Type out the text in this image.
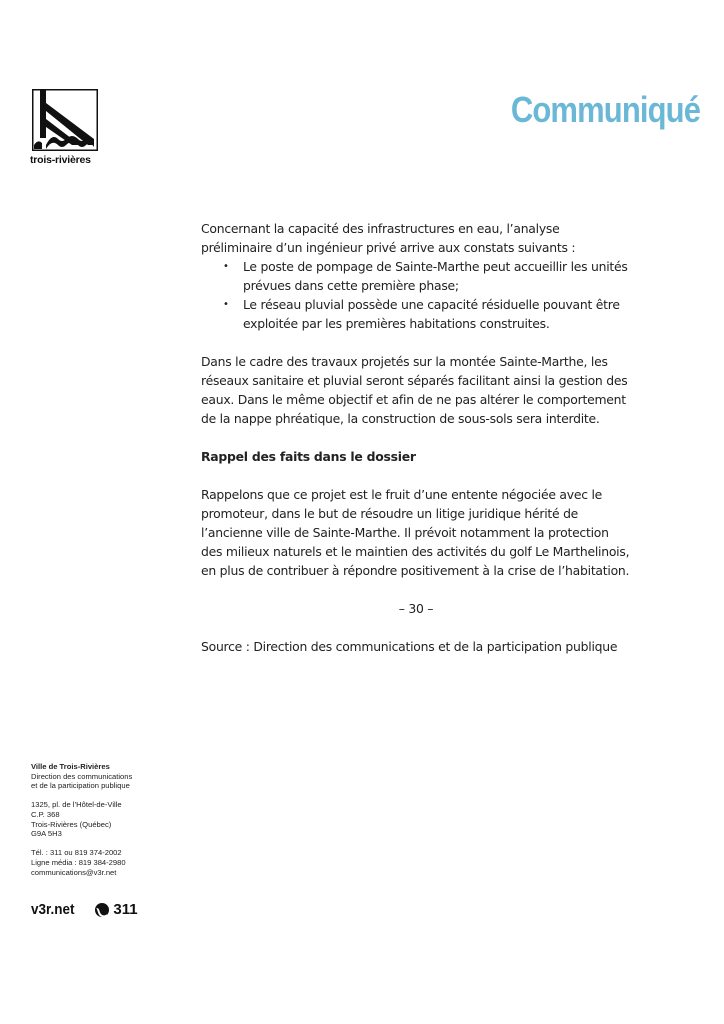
trois-rivières
Communiqué

Concernant la capacité des infrastructures en eau, l’analyse préliminaire d’un ingénieur privé arrive aux constats suivants :

• Le poste de pompage de Sainte-Marthe peut accueillir les unités prévues dans cette première phase;
• Le réseau pluvial possède une capacité résiduelle pouvant être exploitée par les premières habitations construites.

Dans le cadre des travaux projetés sur la montée Sainte-Marthe, les réseaux sanitaire et pluvial seront séparés facilitant ainsi la gestion des eaux. Dans le même objectif et afin de ne pas altérer le comportement de la nappe phréatique, la construction de sous-sols sera interdite.

Rappel des faits dans le dossier

Rappelons que ce projet est le fruit d’une entente négociée avec le promoteur, dans le but de résoudre un litige juridique hérité de l’ancienne ville de Sainte-Marthe. Il prévoit notamment la protection des milieux naturels et le maintien des activités du golf Le Marthelinois, en plus de contribuer à répondre positivement à la crise de l’habitation.

– 30 –

Source : Direction des communications et de la participation publique

Ville de Trois-Rivières
Direction des communications
et de la participation publique
1325, pl. de l’Hôtel-de-Ville
C.P. 368
Trois-Rivières (Québec)
G9A 5H3
Tél. : 311 ou 819 374-2002
Ligne média : 819 384-2980
communications@v3r.net
v3r.net	311
